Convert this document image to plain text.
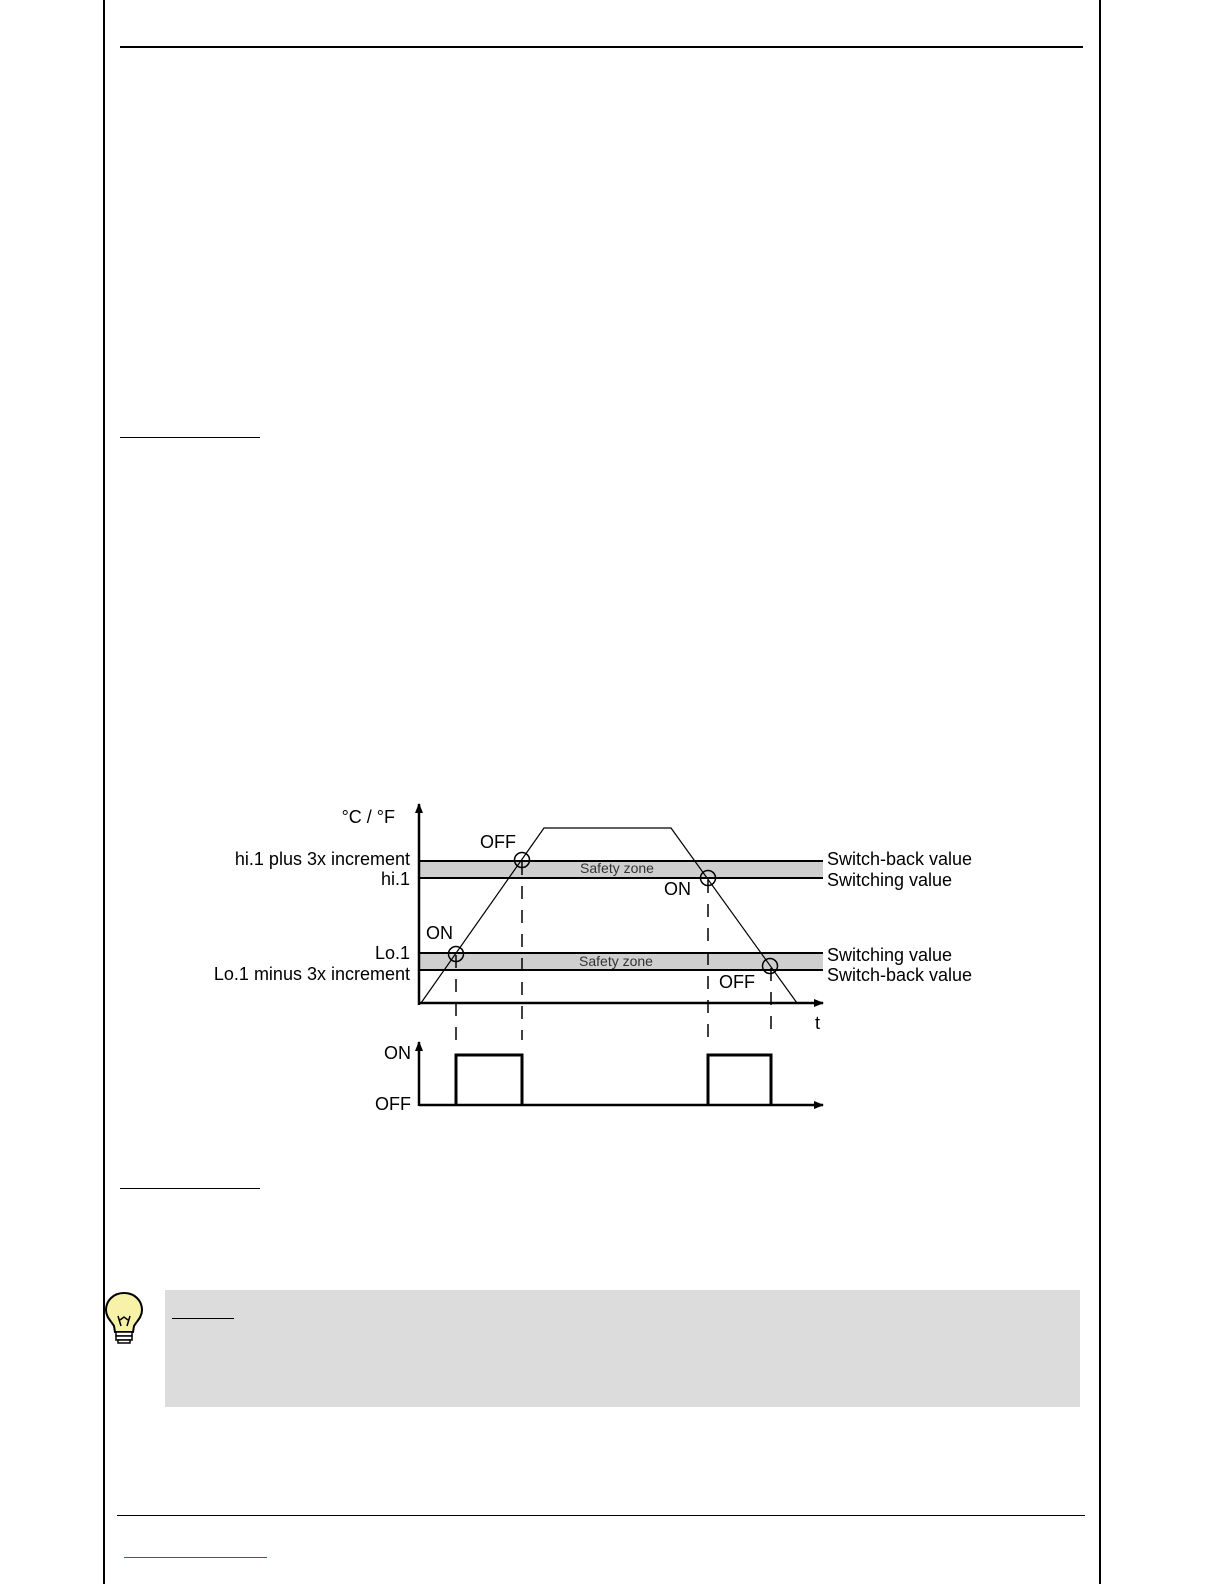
°C / °F
hi.1 plus 3x increment
hi.1
Lo.1
Lo.1 minus 3x increment
t
OFF
ON
ON
OFF
Safety zone
Safety zone
Switch-back value
Switching value
Switching value
Switch-back value
ON
OFF
